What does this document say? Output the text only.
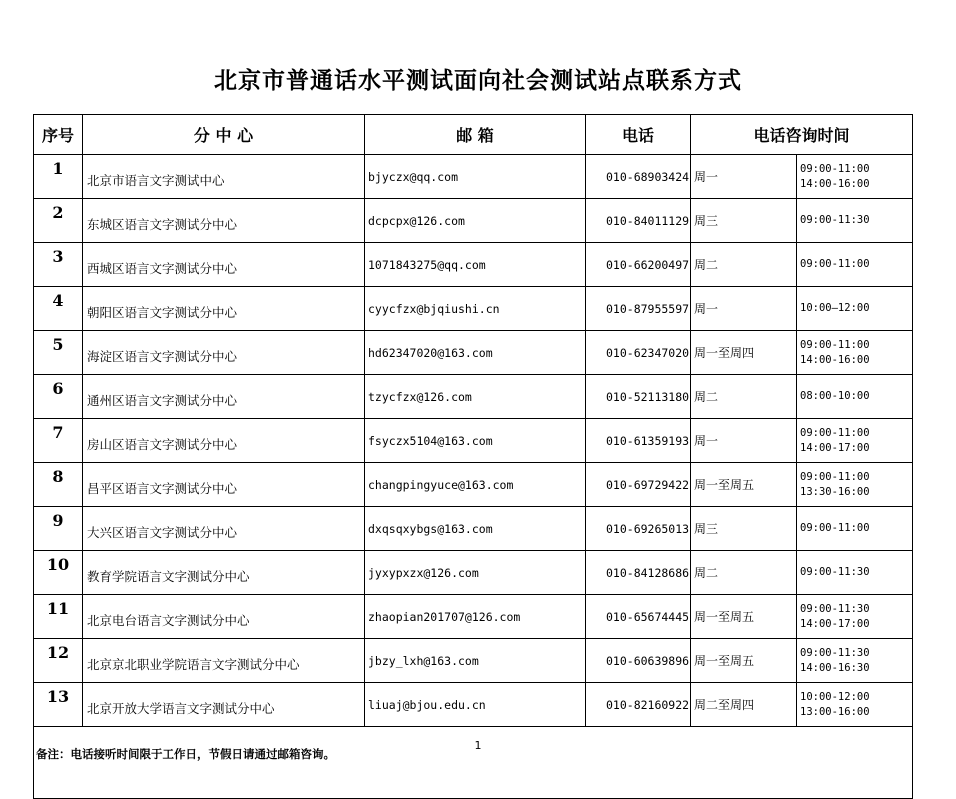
北京市普通话水平测试面向社会测试站点联系方式
序号	分 中 心	邮 箱	电话	电话咨询时间	
1	北京市语言文字测试中心	bjyczx@qq.com	010-68903424	周一	09:00-11:00
14:00-16:00

2	东城区语言文字测试分中心	dcpcpx@126.com	010-84011129	周三	09:00-11:30

3	西城区语言文字测试分中心	1071843275@qq.com	010-66200497	周二	09:00-11:00

4	朝阳区语言文字测试分中心	cyycfzx@bjqiushi.cn	010-87955597	周一	10:00—12:00

5	海淀区语言文字测试分中心	hd62347020@163.com	010-62347020	周一至周四	09:00-11:00
14:00-16:00

6	通州区语言文字测试分中心	tzycfzx@126.com	010-52113180	周二	08:00-10:00

7	房山区语言文字测试分中心	fsyczx5104@163.com	010-61359193	周一	09:00-11:00
14:00-17:00

8	昌平区语言文字测试分中心	changpingyuce@163.com	010-69729422	周一至周五	09:00-11:00
13:30-16:00

9	大兴区语言文字测试分中心	dxqsqxybgs@163.com	010-69265013	周三	09:00-11:00

10	教育学院语言文字测试分中心	jyxypxzx@126.com	010-84128686	周二	09:00-11:30

11	北京电台语言文字测试分中心	zhaopian201707@126.com	010-65674445	周一至周五	09:00-11:30
14:00-17:00

12	北京京北职业学院语言文字测试分中心	jbzy_lxh@163.com	010-60639896	周一至周五	09:00-11:30
14:00-16:30

13	北京开放大学语言文字测试分中心	liuaj@bjou.edu.cn	010-82160922	周二至周四	10:00-12:00
13:00-16:00

备注：电话接听时间限于工作日，节假日请通过邮箱咨询。					
1
